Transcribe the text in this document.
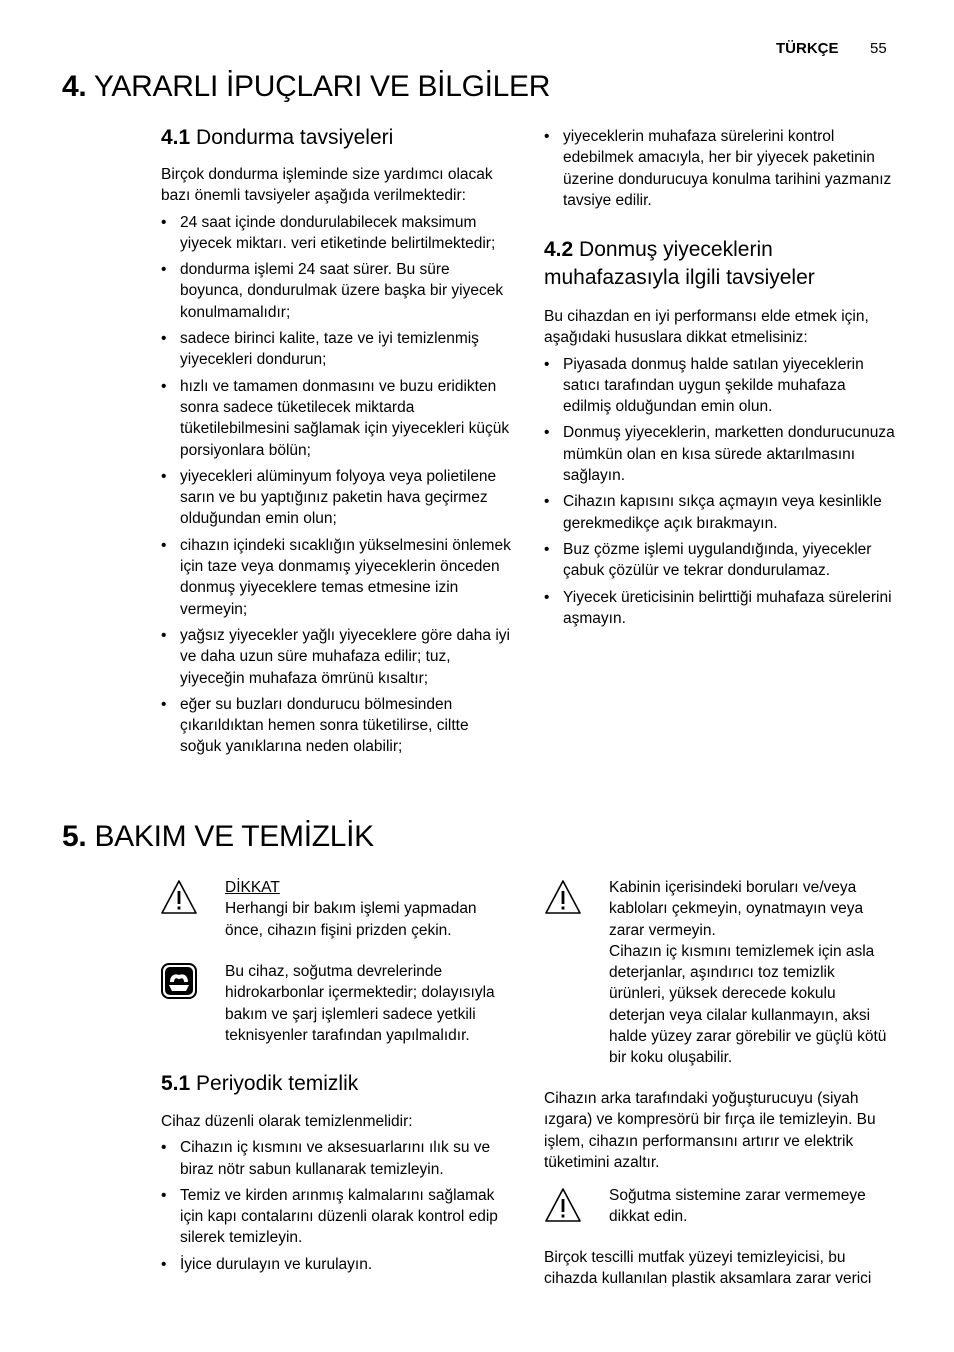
TÜRKÇE 55
4. YARARLI İPUÇLARI VE BİLGİLER
4.1 Dondurma tavsiyeleri
Birçok dondurma işleminde size yardımcı olacak bazı önemli tavsiyeler aşağıda verilmektedir:
• 24 saat içinde dondurulabilecek maksimum yiyecek miktarı. veri etiketinde belirtilmektedir;
• dondurma işlemi 24 saat sürer. Bu süre boyunca, dondurulmak üzere başka bir yiyecek konulmamalıdır;
• sadece birinci kalite, taze ve iyi temizlenmiş yiyecekleri dondurun;
• hızlı ve tamamen donmasını ve buzu eridikten sonra sadece tüketilecek miktarda tüketilebilmesini sağlamak için yiyecekleri küçük porsiyonlara bölün;
• yiyecekleri alüminyum folyoya veya polietilene sarın ve bu yaptığınız paketin hava geçirmez olduğundan emin olun;
• cihazın içindeki sıcaklığın yükselmesini önlemek için taze veya donmamış yiyeceklerin önceden donmuş yiyeceklere temas etmesine izin vermeyin;
• yağsız yiyecekler yağlı yiyeceklere göre daha iyi ve daha uzun süre muhafaza edilir; tuz, yiyeceğin muhafaza ömrünü kısaltır;
• eğer su buzları dondurucu bölmesinden çıkarıldıktan hemen sonra tüketilirse, ciltte soğuk yanıklarına neden olabilir;
• yiyeceklerin muhafaza sürelerini kontrol edebilmek amacıyla, her bir yiyecek paketinin üzerine dondurucuya konulma tarihini yazmanız tavsiye edilir.
4.2 Donmuş yiyeceklerin
muhafazasıyla ilgili tavsiyeler
Bu cihazdan en iyi performansı elde etmek için, aşağıdaki hususlara dikkat etmelisiniz:
• Piyasada donmuş halde satılan yiyeceklerin satıcı tarafından uygun şekilde muhafaza edilmiş olduğundan emin olun.
• Donmuş yiyeceklerin, marketten dondurucunuza mümkün olan en kısa sürede aktarılmasını sağlayın.
• Cihazın kapısını sıkça açmayın veya kesinlikle gerekmedikçe açık bırakmayın.
• Buz çözme işlemi uygulandığında, yiyecekler çabuk çözülür ve tekrar dondurulamaz.
• Yiyecek üreticisinin belirttiği muhafaza sürelerini aşmayın.
5. BAKIM VE TEMİZLİK
DİKKAT
Herhangi bir bakım işlemi yapmadan önce, cihazın fişini prizden çekin.
Bu cihaz, soğutma devrelerinde hidrokarbonlar içermektedir; dolayısıyla bakım ve şarj işlemleri sadece yetkili teknisyenler tarafından yapılmalıdır.
5.1 Periyodik temizlik
Cihaz düzenli olarak temizlenmelidir:
• Cihazın iç kısmını ve aksesuarlarını ılık su ve biraz nötr sabun kullanarak temizleyin.
• Temiz ve kirden arınmış kalmalarını sağlamak için kapı contalarını düzenli olarak kontrol edip silerek temizleyin.
• İyice durulayın ve kurulayın.
Kabinin içerisindeki boruları ve/veya kabloları çekmeyin, oynatmayın veya zarar vermeyin.
Cihazın iç kısmını temizlemek için asla deterjanlar, aşındırıcı toz temizlik ürünleri, yüksek derecede kokulu deterjan veya cilalar kullanmayın, aksi halde yüzey zarar görebilir ve güçlü kötü bir koku oluşabilir.
Cihazın arka tarafındaki yoğuşturucuyu (siyah ızgara) ve kompresörü bir fırça ile temizleyin. Bu işlem, cihazın performansını artırır ve elektrik tüketimini azaltır.
Soğutma sistemine zarar vermemeye dikkat edin.
Birçok tescilli mutfak yüzeyi temizleyicisi, bu cihazda kullanılan plastik aksamlara zarar verici
